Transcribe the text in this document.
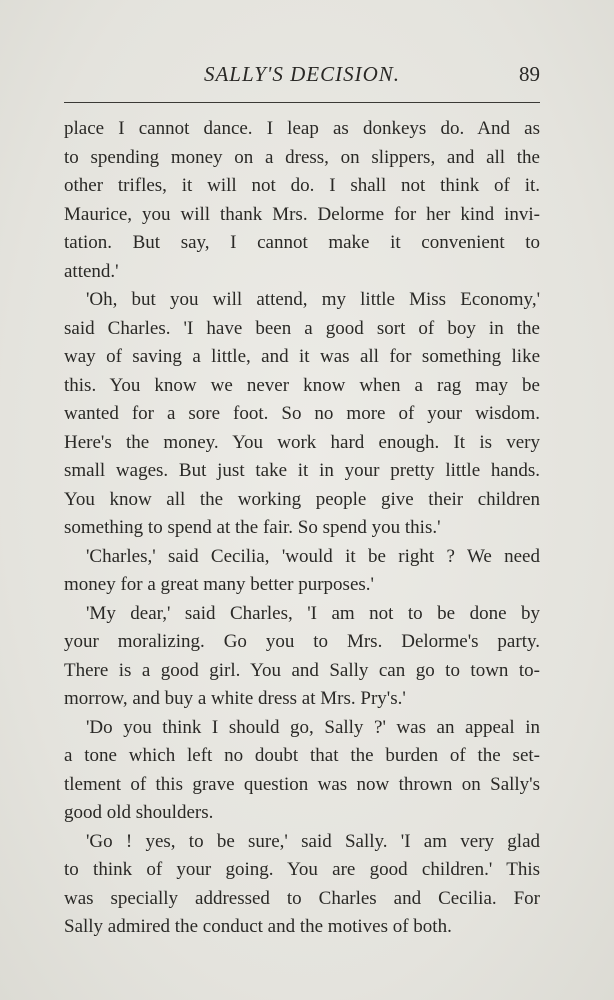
SALLY'S DECISION.	89
place I cannot dance. I leap as donkeys do. And as
to spending money on a dress, on slippers, and all the
other trifles, it will not do. I shall not think of it.
Maurice, you will thank Mrs. Delorme for her kind invi-
tation. But say, I cannot make it convenient to
attend.'
'Oh, but you will attend, my little Miss Economy,'
said Charles. 'I have been a good sort of boy in the
way of saving a little, and it was all for something like
this. You know we never know when a rag may be
wanted for a sore foot. So no more of your wisdom.
Here's the money. You work hard enough. It is very
small wages. But just take it in your pretty little hands.
You know all the working people give their children
something to spend at the fair. So spend you this.'
'Charles,' said Cecilia, 'would it be right ? We need
money for a great many better purposes.'
'My dear,' said Charles, 'I am not to be done by
your moralizing. Go you to Mrs. Delorme's party.
There is a good girl. You and Sally can go to town to-
morrow, and buy a white dress at Mrs. Pry's.'
'Do you think I should go, Sally ?' was an appeal in
a tone which left no doubt that the burden of the set-
tlement of this grave question was now thrown on Sally's
good old shoulders.
'Go ! yes, to be sure,' said Sally. 'I am very glad
to think of your going. You are good children.' This
was specially addressed to Charles and Cecilia. For
Sally admired the conduct and the motives of both.
